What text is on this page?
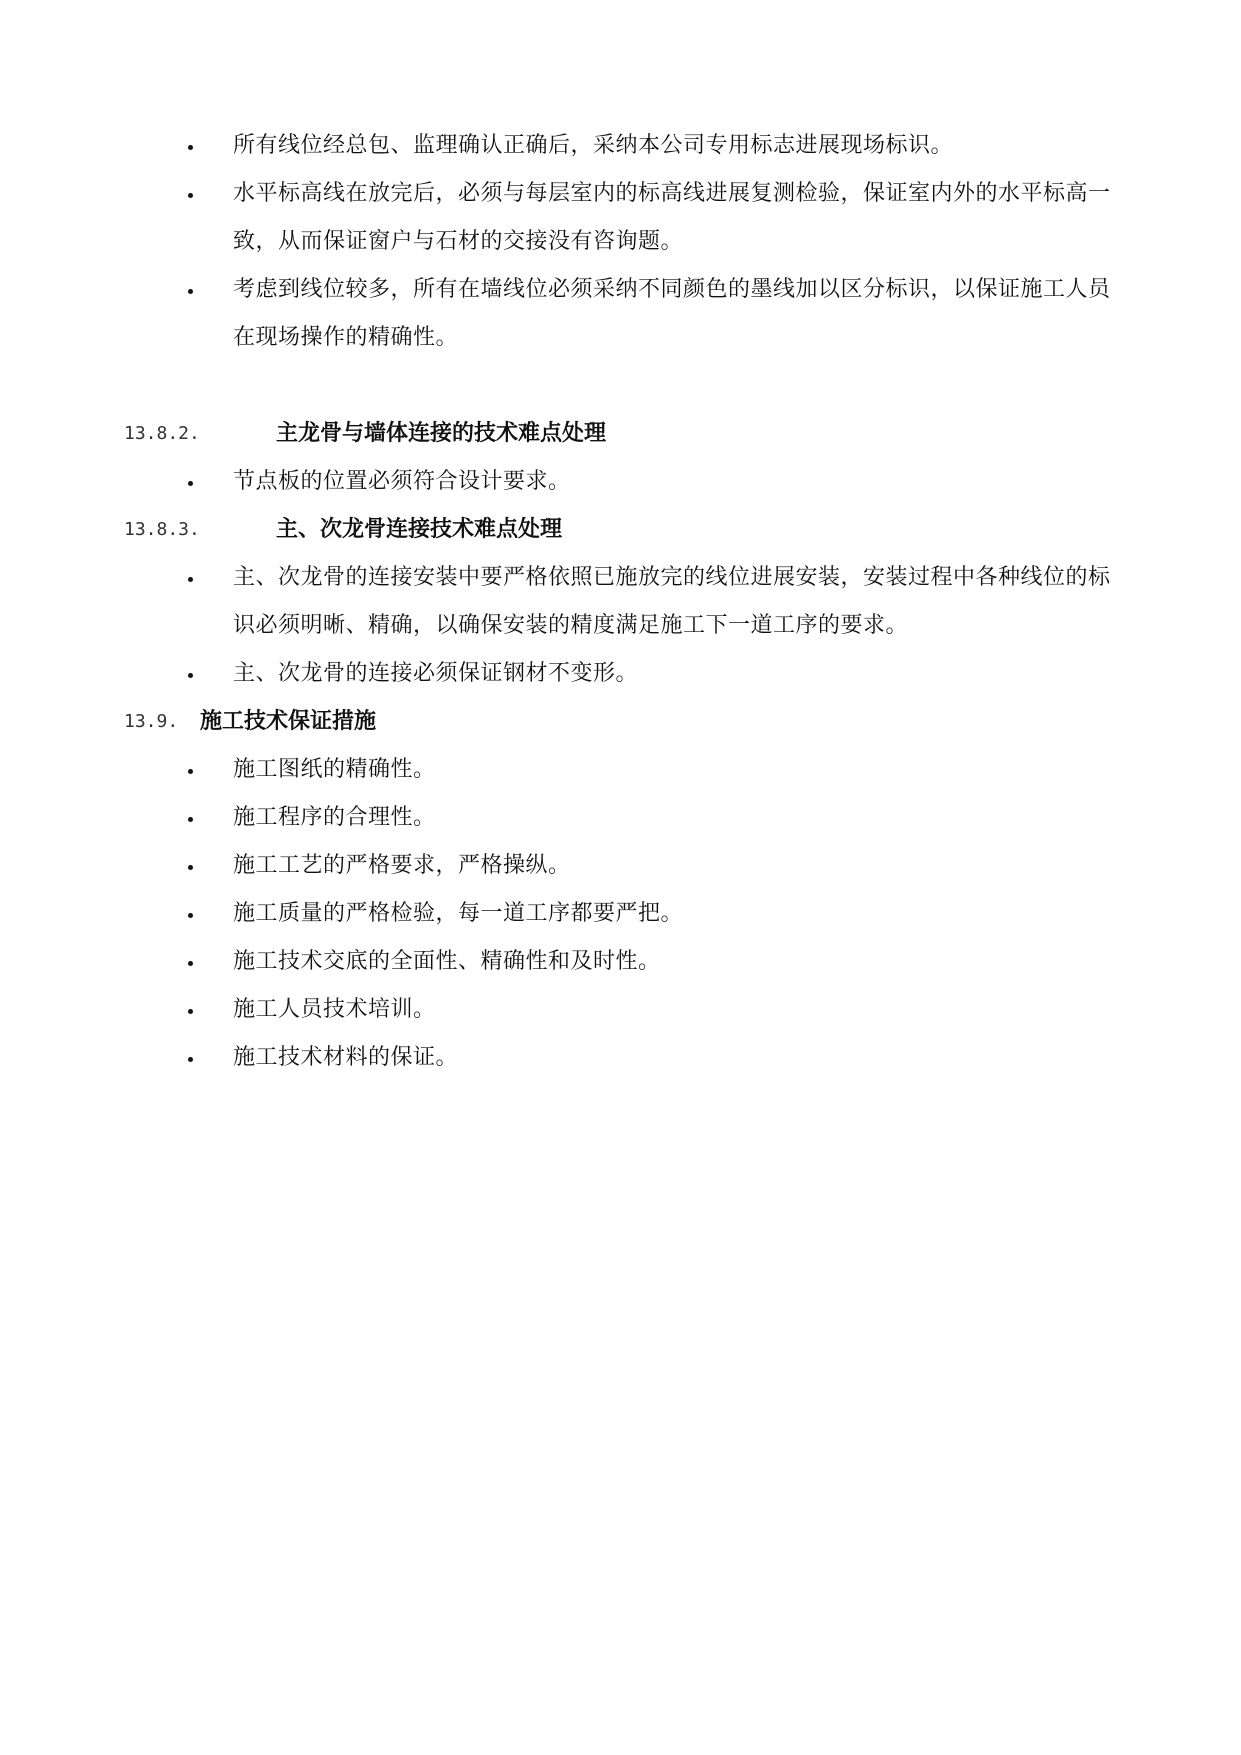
所有线位经总包、监理确认正确后，采纳本公司专用标志进展现场标识。
水平标高线在放完后，必须与每层室内的标高线进展复测检验，保证室内外的水平标高一致，从而保证窗户与石材的交接没有咨询题。
考虑到线位较多，所有在墙线位必须采纳不同颜色的墨线加以区分标识，以保证施工人员在现场操作的精确性。
13.8.2.	主龙骨与墙体连接的技术难点处理
节点板的位置必须符合设计要求。
13.8.3.	主、次龙骨连接技术难点处理
主、次龙骨的连接安装中要严格依照已施放完的线位进展安装，安装过程中各种线位的标识必须明晰、精确，以确保安装的精度满足施工下一道工序的要求。
主、次龙骨的连接必须保证钢材不变形。
13.9. 施工技术保证措施
施工图纸的精确性。
施工程序的合理性。
施工工艺的严格要求，严格操纵。
施工质量的严格检验，每一道工序都要严把。
施工技术交底的全面性、精确性和及时性。
施工人员技术培训。
施工技术材料的保证。
